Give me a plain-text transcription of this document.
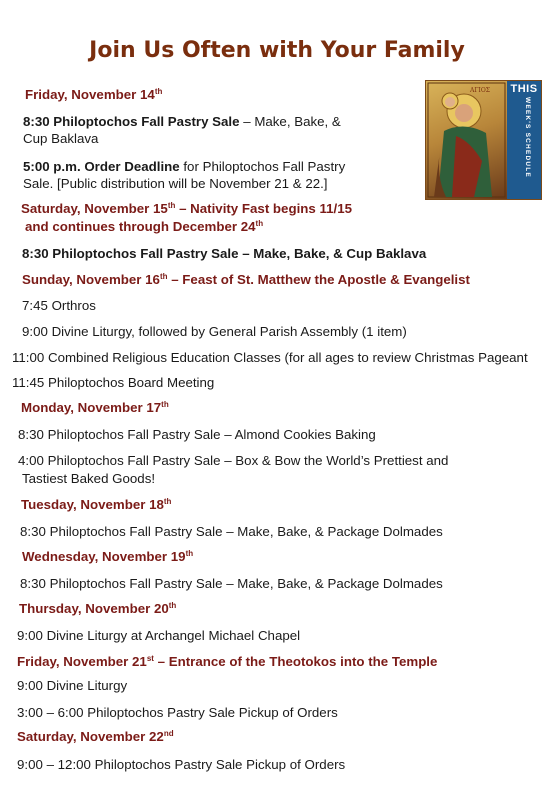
Join Us Often with Your Family
ΑΓΙΟΣ	THIS
WEEK'S SCHEDULE
Friday, November 14th
8:30 Philoptochos Fall Pastry Sale – Make, Bake, &
Cup Baklava
5:00 p.m. Order Deadline for Philoptochos Fall Pastry
Sale. [Public distribution will be November 21 & 22.]
Saturday, November 15th – Nativity Fast begins 11/15
and continues through December 24th
8:30 Philoptochos Fall Pastry Sale – Make, Bake, & Cup Baklava
Sunday, November 16th – Feast of St. Matthew the Apostle & Evangelist
7:45 Orthros
9:00 Divine Liturgy, followed by General Parish Assembly (1 item)
11:00 Combined Religious Education Classes (for all ages to review Christmas Pageant
11:45 Philoptochos Board Meeting
Monday, November 17th
8:30 Philoptochos Fall Pastry Sale – Almond Cookies Baking
4:00 Philoptochos Fall Pastry Sale – Box & Bow the World’s Prettiest and
Tastiest Baked Goods!
Tuesday, November 18th
8:30 Philoptochos Fall Pastry Sale – Make, Bake, & Package Dolmades
Wednesday, November 19th
8:30 Philoptochos Fall Pastry Sale – Make, Bake, & Package Dolmades
Thursday, November 20th
9:00 Divine Liturgy at Archangel Michael Chapel
Friday, November 21st – Entrance of the Theotokos into the Temple
9:00 Divine Liturgy
3:00 – 6:00 Philoptochos Pastry Sale Pickup of Orders
Saturday, November 22nd
9:00 – 12:00 Philoptochos Pastry Sale Pickup of Orders
